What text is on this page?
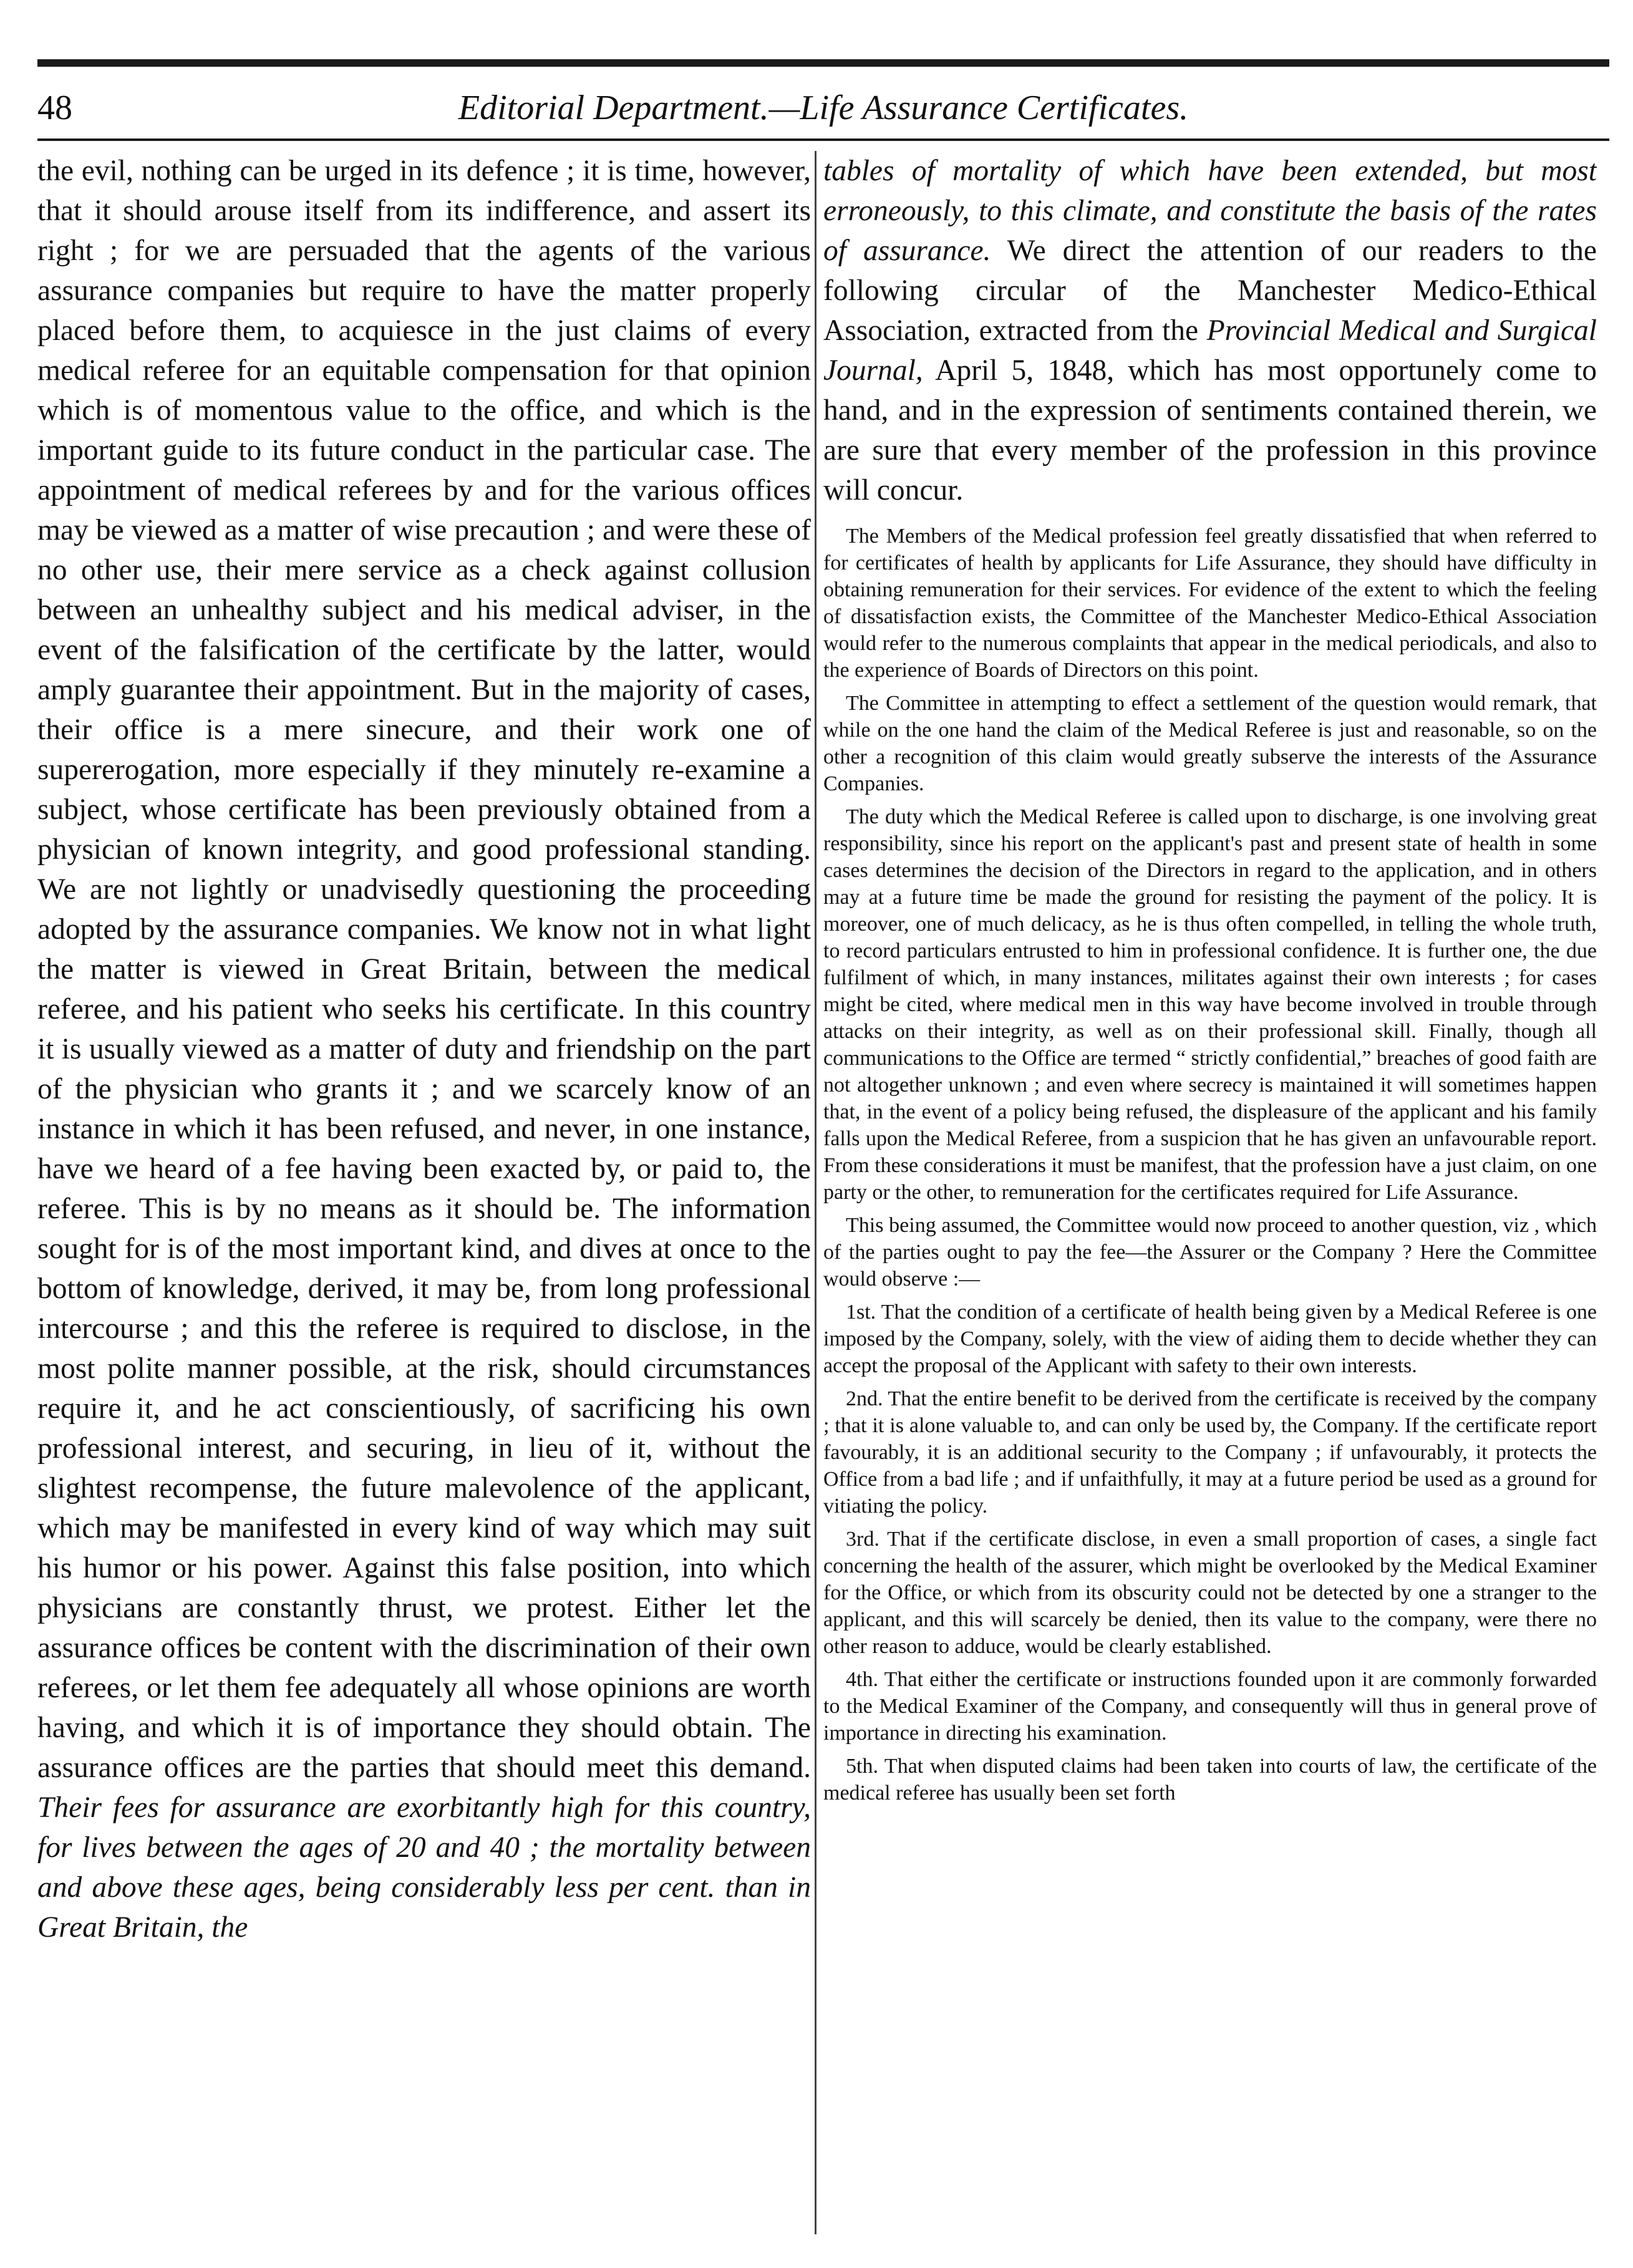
48	Editorial Department.—Life Assurance Certificates.

the evil, nothing can be urged in its defence ; it is time, however, that it should arouse itself from its indifference, and assert its right ; for we are persuaded that the agents of the various assurance companies but require to have the matter properly placed before them, to acquiesce in the just claims of every medical referee for an equitable compensation for that opinion which is of momentous value to the office, and which is the important guide to its future conduct in the particular case. The appointment of medical referees by and for the various offices may be viewed as a matter of wise precaution ; and were these of no other use, their mere service as a check against collusion between an unhealthy subject and his medical adviser, in the event of the falsification of the certificate by the latter, would amply guarantee their appointment. But in the majority of cases, their office is a mere sinecure, and their work one of supererogation, more especially if they minutely re-examine a subject, whose certificate has been previously obtained from a physician of known integrity, and good professional standing. We are not lightly or unadvisedly questioning the proceeding adopted by the assurance companies. We know not in what light the matter is viewed in Great Britain, between the medical referee, and his patient who seeks his certificate. In this country it is usually viewed as a matter of duty and friendship on the part of the physician who grants it ; and we scarcely know of an instance in which it has been refused, and never, in one instance, have we heard of a fee having been exacted by, or paid to, the referee. This is by no means as it should be. The information sought for is of the most important kind, and dives at once to the bottom of knowledge, derived, it may be, from long professional intercourse ; and this the referee is required to disclose, in the most polite manner possible, at the risk, should circumstances require it, and he act conscientiously, of sacrificing his own professional interest, and securing, in lieu of it, without the slightest recompense, the future malevolence of the applicant, which may be manifested in every kind of way which may suit his humor or his power. Against this false position, into which physicians are constantly thrust, we protest. Either let the assurance offices be content with the discrimination of their own referees, or let them fee adequately all whose opinions are worth having, and which it is of importance they should obtain. The assurance offices are the parties that should meet this demand. Their fees for assurance are exorbitantly high for this country, for lives between the ages of 20 and 40 ; the mortality between and above these ages, being considerably less per cent. than in Great Britain, the

tables of mortality of which have been extended, but most erroneously, to this climate, and constitute the basis of the rates of assurance. We direct the attention of our readers to the following circular of the Manchester Medico-Ethical Association, extracted from the Provincial Medical and Surgical Journal, April 5, 1848, which has most opportunely come to hand, and in the expression of sentiments contained therein, we are sure that every member of the profession in this province will concur.

The Members of the Medical profession feel greatly dissatisfied that when referred to for certificates of health by applicants for Life Assurance, they should have difficulty in obtaining remuneration for their services. For evidence of the extent to which the feeling of dissatisfaction exists, the Committee of the Manchester Medico-Ethical Association would refer to the numerous complaints that appear in the medical periodicals, and also to the experience of Boards of Directors on this point.

The Committee in attempting to effect a settlement of the question would remark, that while on the one hand the claim of the Medical Referee is just and reasonable, so on the other a recognition of this claim would greatly subserve the interests of the Assurance Companies.

The duty which the Medical Referee is called upon to discharge, is one involving great responsibility, since his report on the applicant's past and present state of health in some cases determines the decision of the Directors in regard to the application, and in others may at a future time be made the ground for resisting the payment of the policy. It is moreover, one of much delicacy, as he is thus often compelled, in telling the whole truth, to record particulars entrusted to him in professional confidence. It is further one, the due fulfilment of which, in many instances, militates against their own interests ; for cases might be cited, where medical men in this way have become involved in trouble through attacks on their integrity, as well as on their professional skill. Finally, though all communications to the Office are termed “ strictly confidential,” breaches of good faith are not altogether unknown ; and even where secrecy is maintained it will sometimes happen that, in the event of a policy being refused, the displeasure of the applicant and his family falls upon the Medical Referee, from a suspicion that he has given an unfavourable report. From these considerations it must be manifest, that the profession have a just claim, on one party or the other, to remuneration for the certificates required for Life Assurance.

This being assumed, the Committee would now proceed to another question, viz , which of the parties ought to pay the fee—the Assurer or the Company ? Here the Committee would observe :—

1st. That the condition of a certificate of health being given by a Medical Referee is one imposed by the Company, solely, with the view of aiding them to decide whether they can accept the proposal of the Applicant with safety to their own interests.

2nd. That the entire benefit to be derived from the certificate is received by the company ; that it is alone valuable to, and can only be used by, the Company. If the certificate report favourably, it is an additional security to the Company ; if unfavourably, it protects the Office from a bad life ; and if unfaithfully, it may at a future period be used as a ground for vitiating the policy.

3rd. That if the certificate disclose, in even a small proportion of cases, a single fact concerning the health of the assurer, which might be overlooked by the Medical Examiner for the Office, or which from its obscurity could not be detected by one a stranger to the applicant, and this will scarcely be denied, then its value to the company, were there no other reason to adduce, would be clearly established.

4th. That either the certificate or instructions founded upon it are commonly forwarded to the Medical Examiner of the Company, and consequently will thus in general prove of importance in directing his examination.

5th. That when disputed claims had been taken into courts of law, the certificate of the medical referee has usually been set forth
